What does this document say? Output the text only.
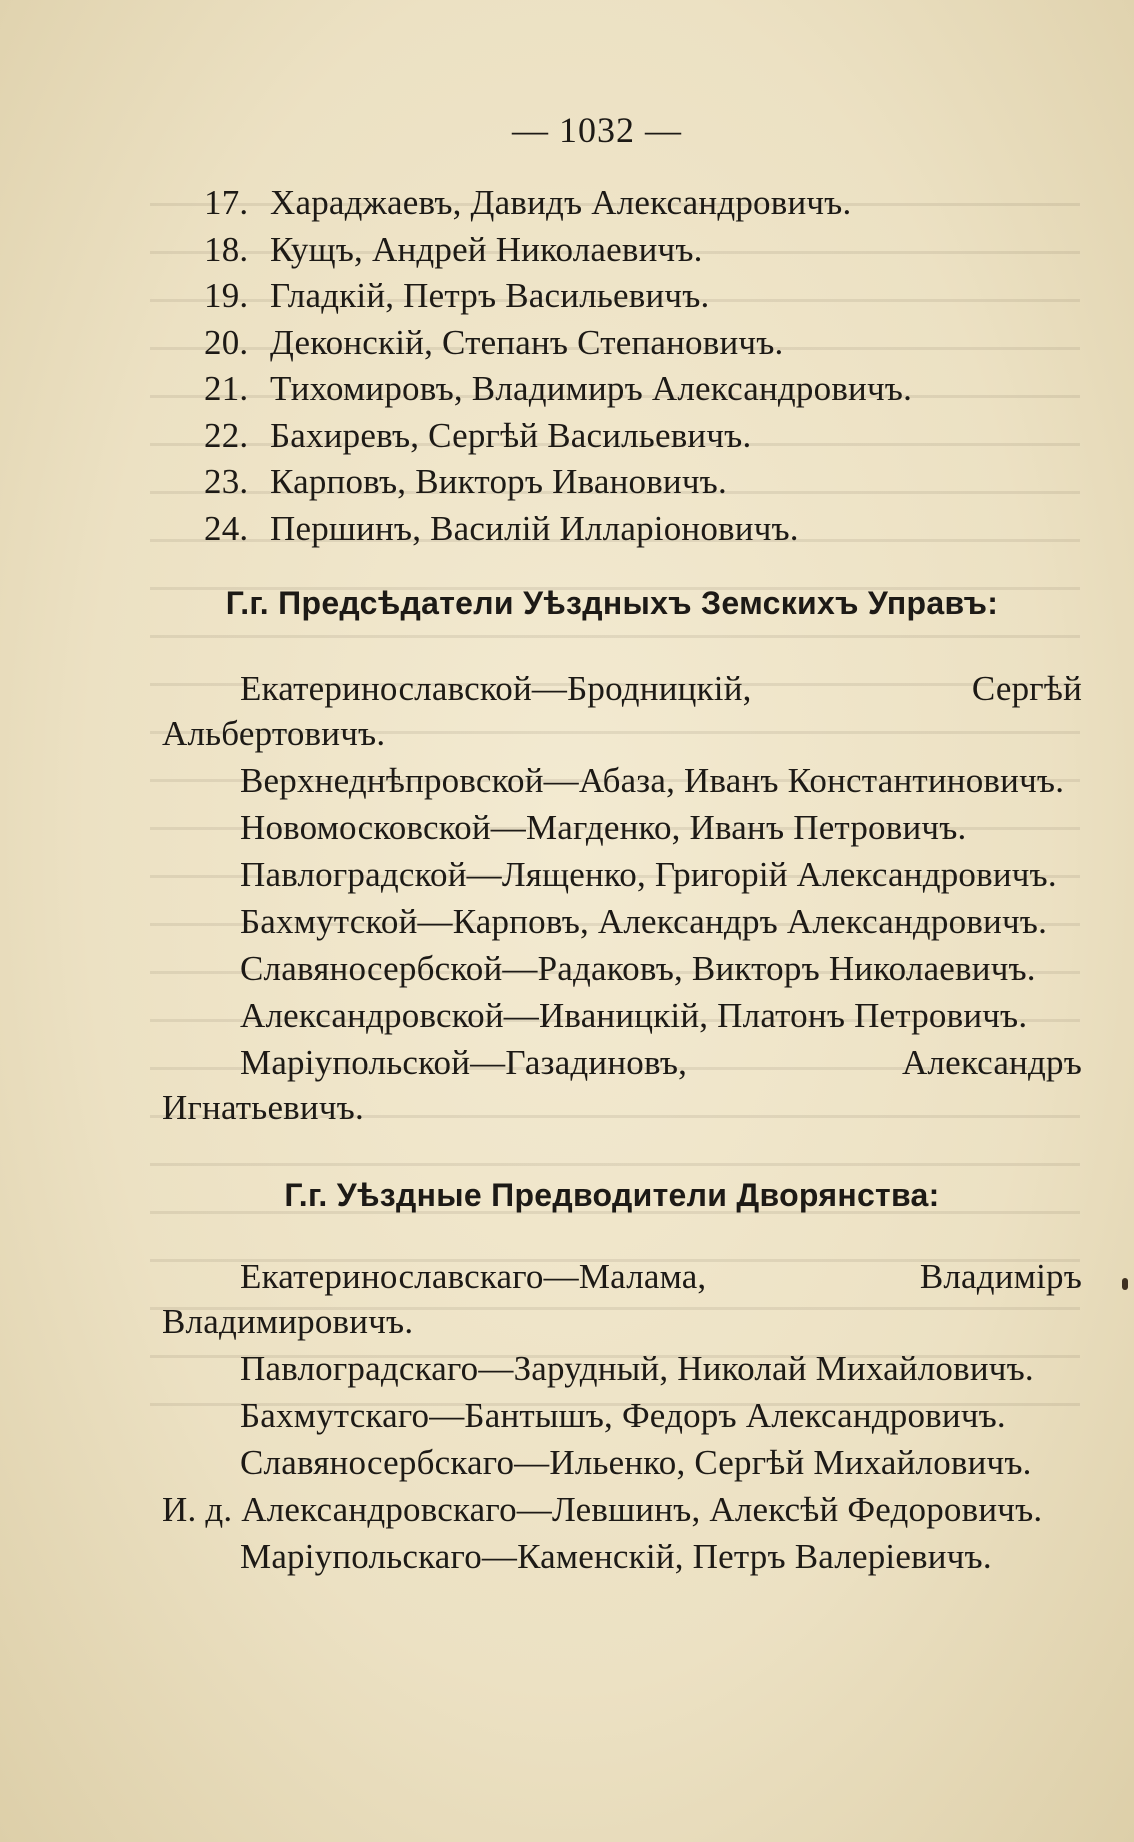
— 1032 —
17. Хараджаевъ, Давидъ Александровичъ.
18. Кущъ, Андрей Николаевичъ.
19. Гладкій, Петръ Васильевичъ.
20. Деконскій, Степанъ Степановичъ.
21. Тихомировъ, Владимиръ Александровичъ.
22. Бахиревъ, Сергѣй Васильевичъ.
23. Карповъ, Викторъ Ивановичъ.
24. Першинъ, Василій Илларіоновичъ.
Г.г. Предсѣдатели Уѣздныхъ Земскихъ Управъ:

Екатеринославской—Бродницкій, Сергѣй Альбертовичъ.

Верхнеднѣпровской—Абаза, Иванъ Константиновичъ.

Новомосковской—Магденко, Иванъ Петровичъ.

Павлоградской—Лященко, Григорій Александровичъ.

Бахмутской—Карповъ, Александръ Александровичъ.

Славяносербской—Радаковъ, Викторъ Николаевичъ.

Александровской—Иваницкій, Платонъ Петровичъ.

Маріупольской—Газадиновъ, Александръ Игнатьевичъ.

Г.г. Уѣздные Предводители Дворянства:

Екатеринославскаго—Малама, Владиміръ Владимировичъ.

Павлоградскаго—Зарудный, Николай Михайловичъ.

Бахмутскаго—Бантышъ, Федоръ Александровичъ.

Славяносербскаго—Ильенко, Сергѣй Михайловичъ.

И. д. Александровскаго—Левшинъ, Алексѣй Федоровичъ.

Маріупольскаго—Каменскій, Петръ Валеріевичъ.
